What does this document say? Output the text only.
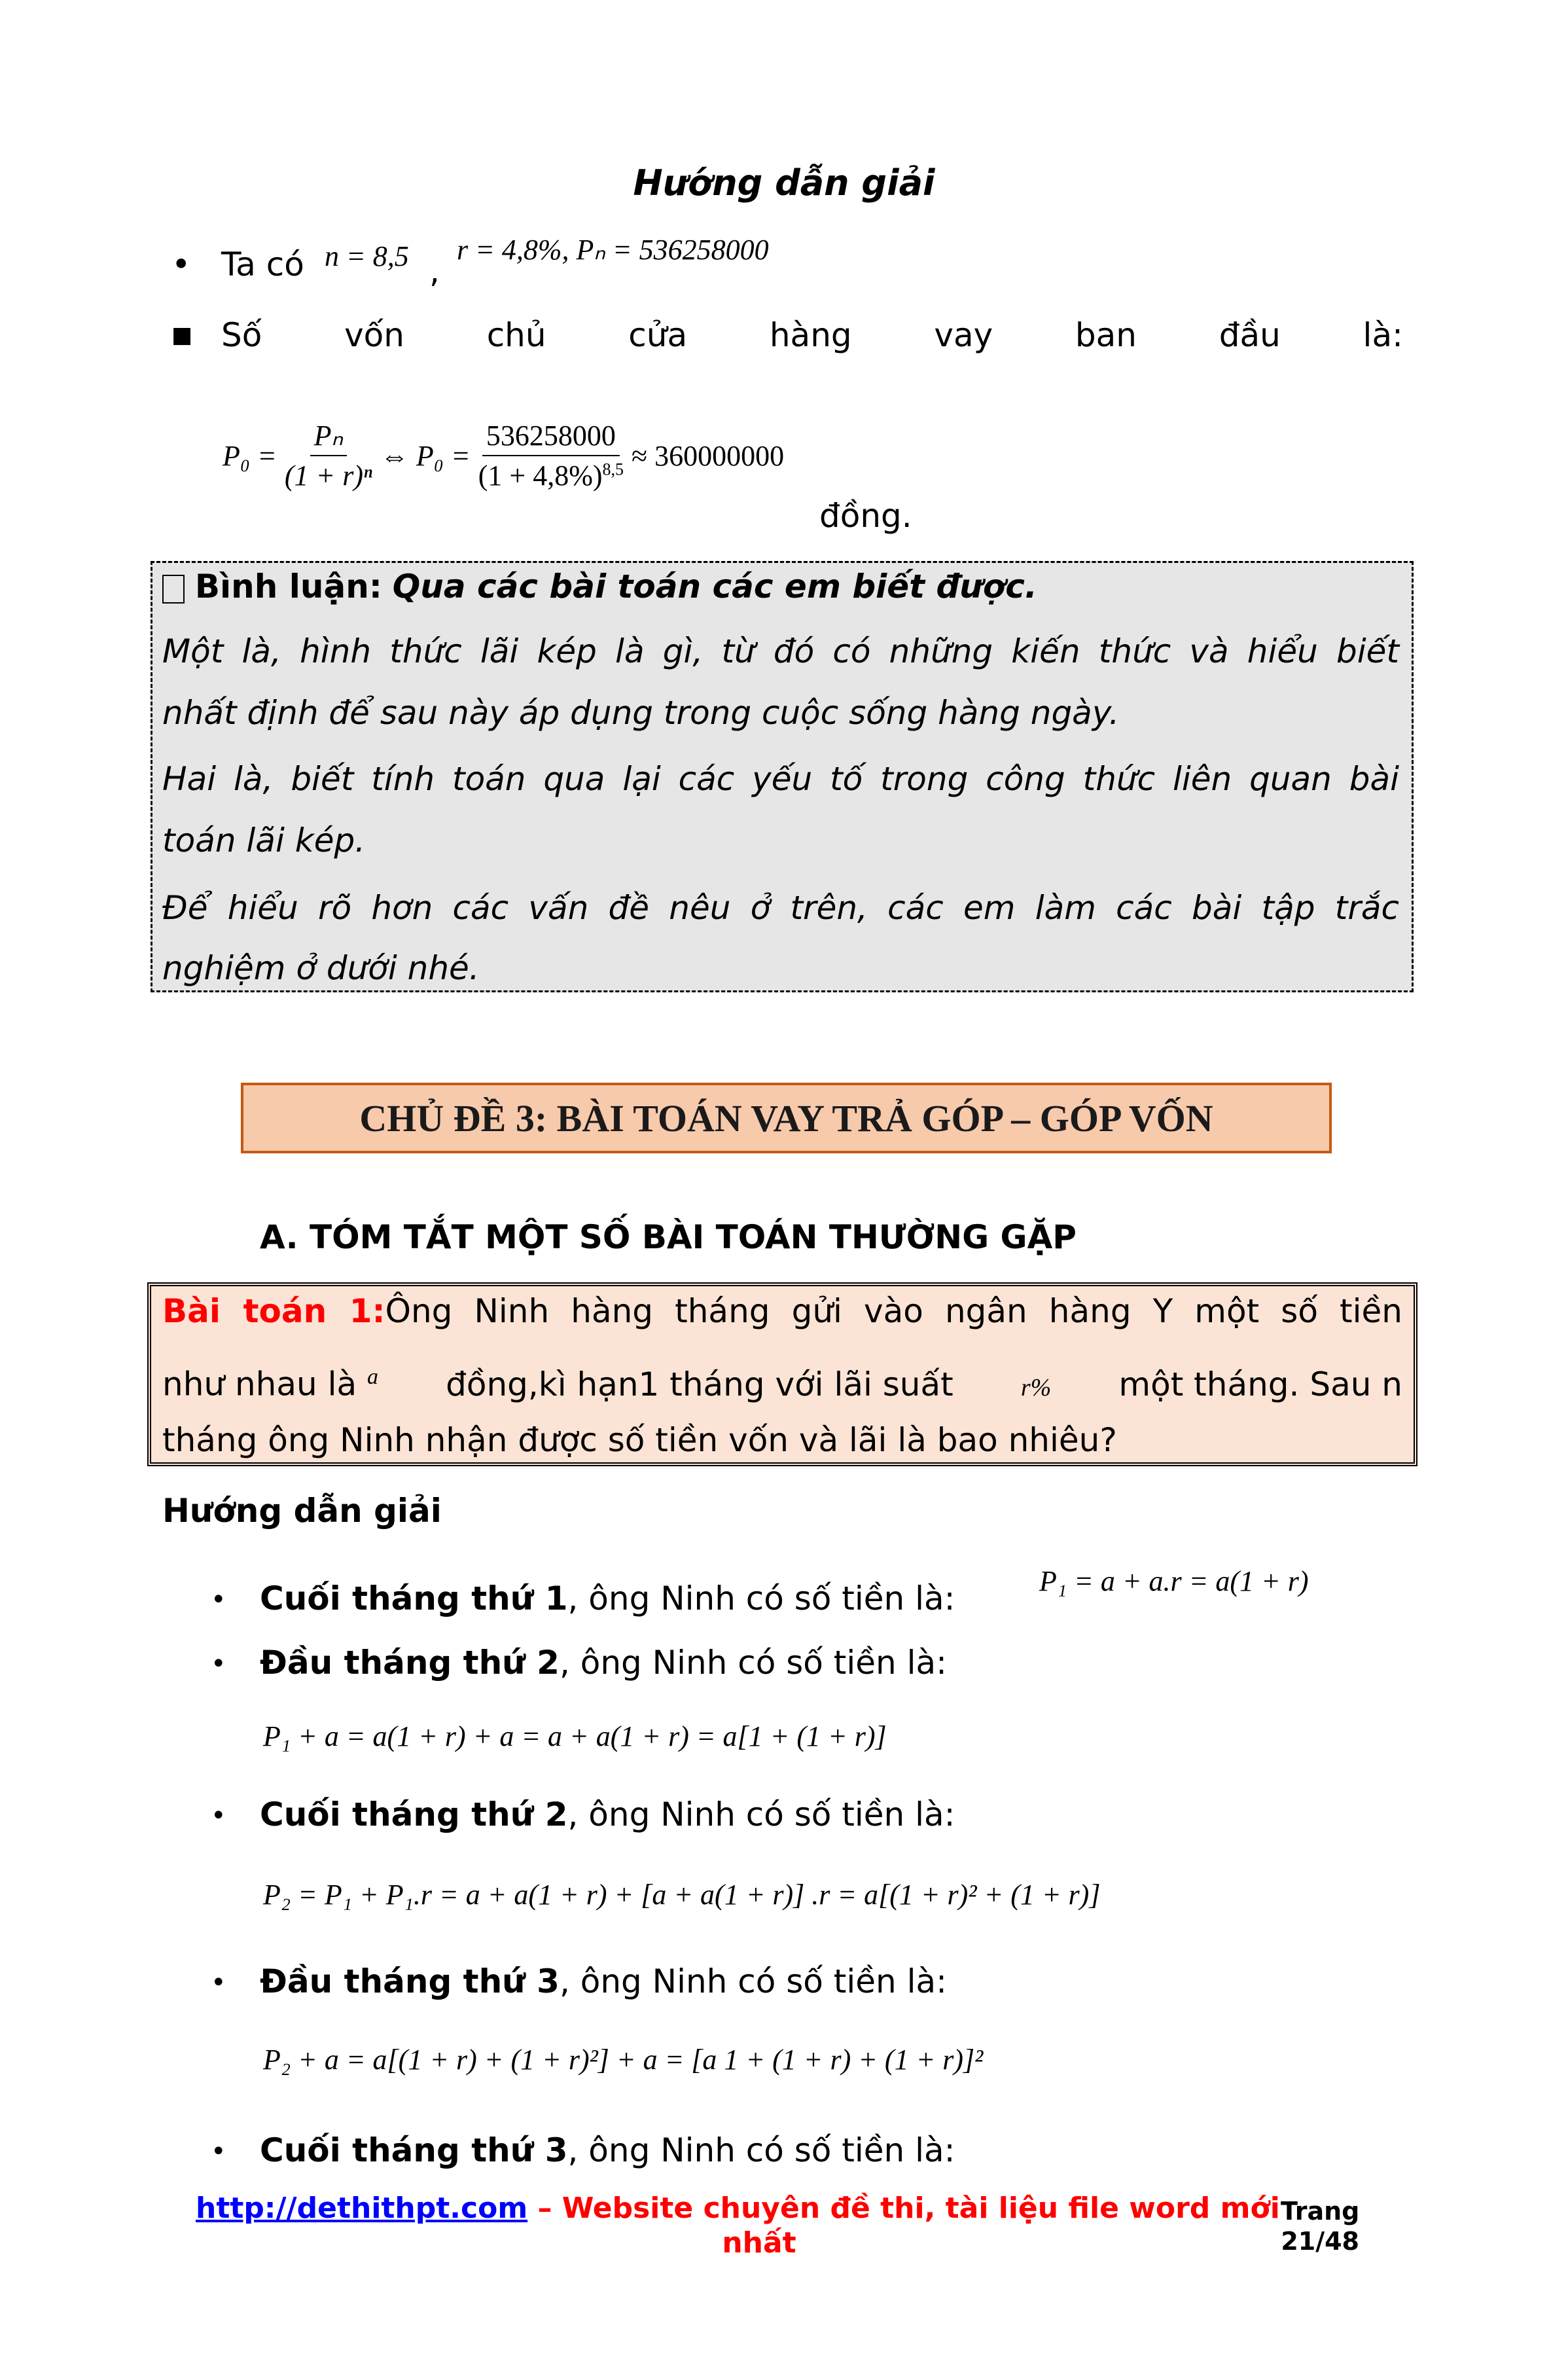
Hướng dẫn giải
• Ta có n = 8,5 ,
r = 4,8%, Pₙ = 536258000
■ Số	vốn	chủ	cửa	hàng	vay	ban	đầu	là:
$P_0 = \frac{\text{Pₙ}}{\text{(1 + r)ⁿ}}$ ⇔ $P_0 = \frac{536258000}{(1 + 4,8\%)^{8,5}} \approx 360000000$
đồng.
Bình luận: Qua các bài toán các em biết được.
Một là, hình thức lãi kép là gì, từ đó có những kiến thức và hiểu biết
nhất định để sau này áp dụng trong cuộc sống hàng ngày.
Hai là, biết tính toán qua lại các yếu tố trong công thức liên quan bài
toán lãi kép.
Để hiểu rõ hơn các vấn đề nêu ở trên, các em làm các bài tập trắc
nghiệm ở dưới nhé.
CHỦ ĐỀ 3: BÀI TOÁN VAY TRẢ GÓP – GÓP VỐN
A. TÓM TẮT MỘT SỐ BÀI TOÁN THƯỜNG GẶP
Bài toán 1:Ông Ninh hàng tháng gửi vào ngân hàng Y một số tiền
như nhau là $^a$ đồng,kì hạn1 tháng với lãi suất	r% một tháng. Sau n
tháng ông Ninh nhận được số tiền vốn và lãi là bao nhiêu?
Hướng dẫn giải
• Cuối tháng thứ 1, ông Ninh có số tiền là:	P₁ = a + a.r = a(1 + r)
• Đầu tháng thứ 2, ông Ninh có số tiền là:
P₁ + a = a(1 + r) + a = a + a(1 + r) = a[1 + (1 + r)]
• Cuối tháng thứ 2, ông Ninh có số tiền là:
P₂ = P₁ + P₁.r = a + a(1 + r) + [a + a(1 + r)] .r = a[(1 + r)² + (1 + r)]
• Đầu tháng thứ 3, ông Ninh có số tiền là:
P₂ + a = a[(1 + r) + (1 + r)²] + a = [a 1 + (1 + r) + (1 + r)]²
• Cuối tháng thứ 3, ông Ninh có số tiền là:
http://dethithpt.com – Website chuyên đề thi, tài liệu file word mới
nhất
Trang
21/48
